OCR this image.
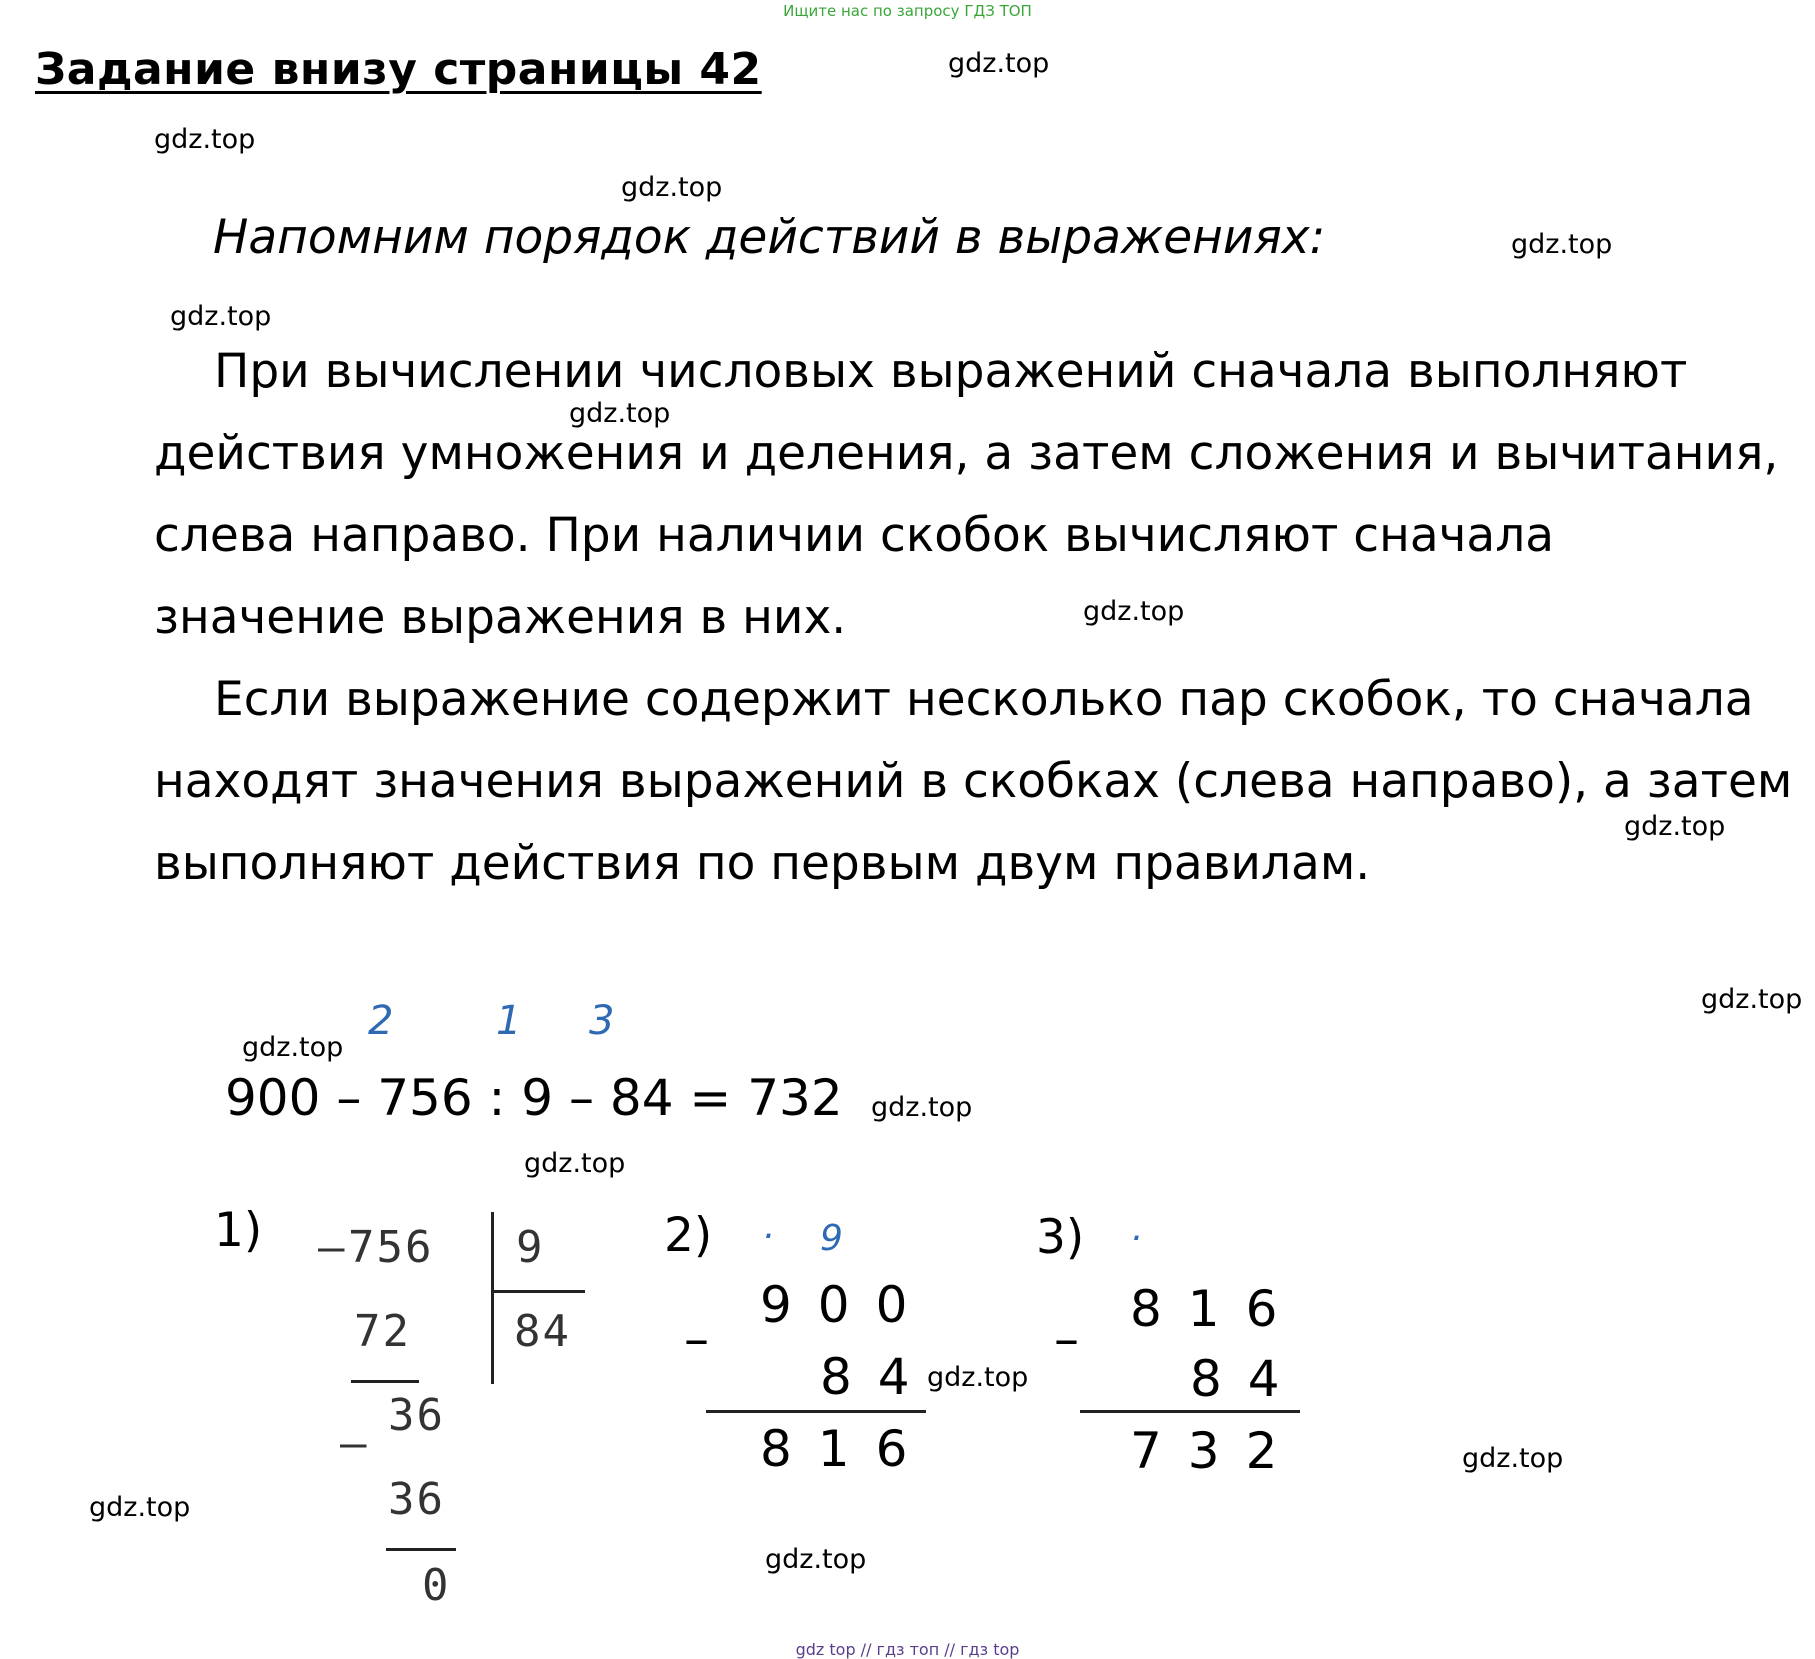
Ищите нас по запросу ГДЗ ТОП
Задание внизу страницы 42	gdz.top
gdz.top
gdz.top
gdz.top
gdz.top
gdz.top
gdz.top
gdz.top
gdz.top
gdz.top
gdz.top
gdz.top
gdz.top
gdz.top
gdz.top
gdz.top
Напомним порядок действий в выражениях:

При вычислении числовых выражений сначала выполняют действия умножения и деления, а затем сложения и вычитания, слева направо. При наличии скобок вычисляют сначала значение выражения в них.

Если выражение содержит несколько пар скобок, то сначала находят значения выражений в скобках (слева направо), а затем выполняют действия по первым двум правилам.

2	1 3
900 – 756 : 9 – 84 = 732
1) – 756 9
84
72
36
–
36
0
2) · 9
900
–
84
816
3) ·
816
–
84
732
gdz top // гдз топ // гдз top
